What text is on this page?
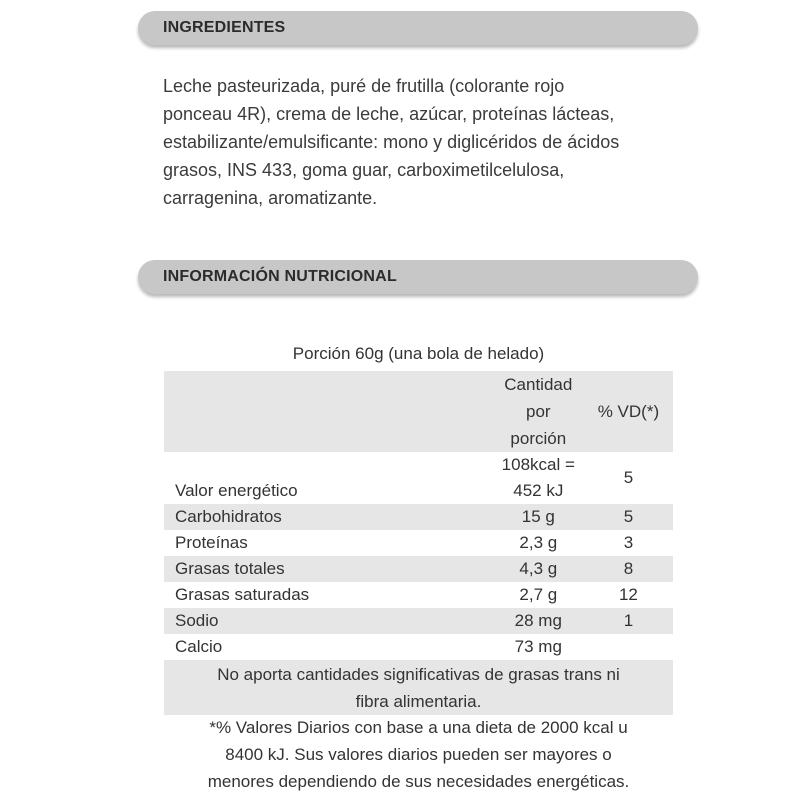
INGREDIENTES
Leche pasteurizada, puré de frutilla (colorante rojo
ponceau 4R), crema de leche, azúcar, proteínas lácteas,
estabilizante/emulsificante: mono y diglicéridos de ácidos
grasos, INS 433, goma guar, carboximetilcelulosa,
carragenina, aromatizante.
INFORMACIÓN NUTRICIONAL
Porción 60g (una bola de helado)

	Cantidad
por
porción	% VD(*)
Valor energético	108kcal =
452 kJ	5
Carbohidratos	15 g	5
Proteínas	2,3 g	3
Grasas totales	4,3 g	8
Grasas saturadas	2,7 g	12
Sodio	28 mg	1
Calcio	73 mg	

No aporta cantidades significativas de grasas trans ni
fibra alimentaria.		
*% Valores Diarios con base a una dieta de 2000 kcal u
8400 kJ. Sus valores diarios pueden ser mayores o
menores dependiendo de sus necesidades energéticas.
